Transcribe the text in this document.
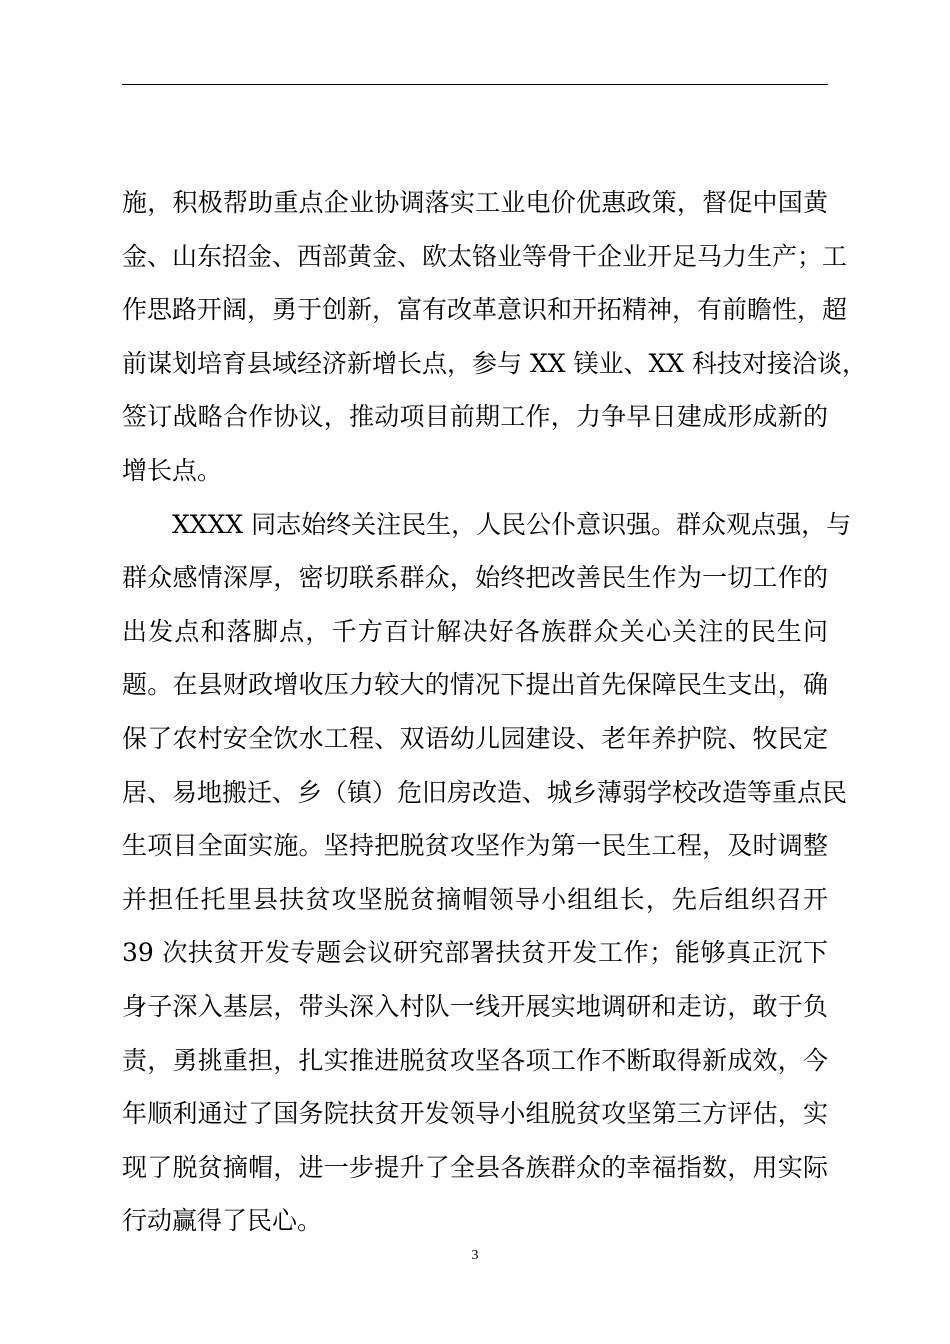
施，积极帮助重点企业协调落实工业电价优惠政策，督促中国黄
金、山东招金、西部黄金、欧太铬业等骨干企业开足马力生产；工
作思路开阔，勇于创新，富有改革意识和开拓精神，有前瞻性，超
前谋划培育县域经济新增长点，参与 XX 镁业、XX 科技对接洽谈，
签订战略合作协议，推动项目前期工作，力争早日建成形成新的
增长点。
XXXX 同志始终关注民生，人民公仆意识强。群众观点强，与
群众感情深厚，密切联系群众，始终把改善民生作为一切工作的
出发点和落脚点，千方百计解决好各族群众关心关注的民生问
题。在县财政增收压力较大的情况下提出首先保障民生支出，确
保了农村安全饮水工程、双语幼儿园建设、老年养护院、牧民定
居、易地搬迁、乡（镇）危旧房改造、城乡薄弱学校改造等重点民
生项目全面实施。坚持把脱贫攻坚作为第一民生工程，及时调整
并担任托里县扶贫攻坚脱贫摘帽领导小组组长，先后组织召开
39 次扶贫开发专题会议研究部署扶贫开发工作；能够真正沉下
身子深入基层，带头深入村队一线开展实地调研和走访，敢于负
责，勇挑重担，扎实推进脱贫攻坚各项工作不断取得新成效，今
年顺利通过了国务院扶贫开发领导小组脱贫攻坚第三方评估，实
现了脱贫摘帽，进一步提升了全县各族群众的幸福指数，用实际
行动赢得了民心。
3
